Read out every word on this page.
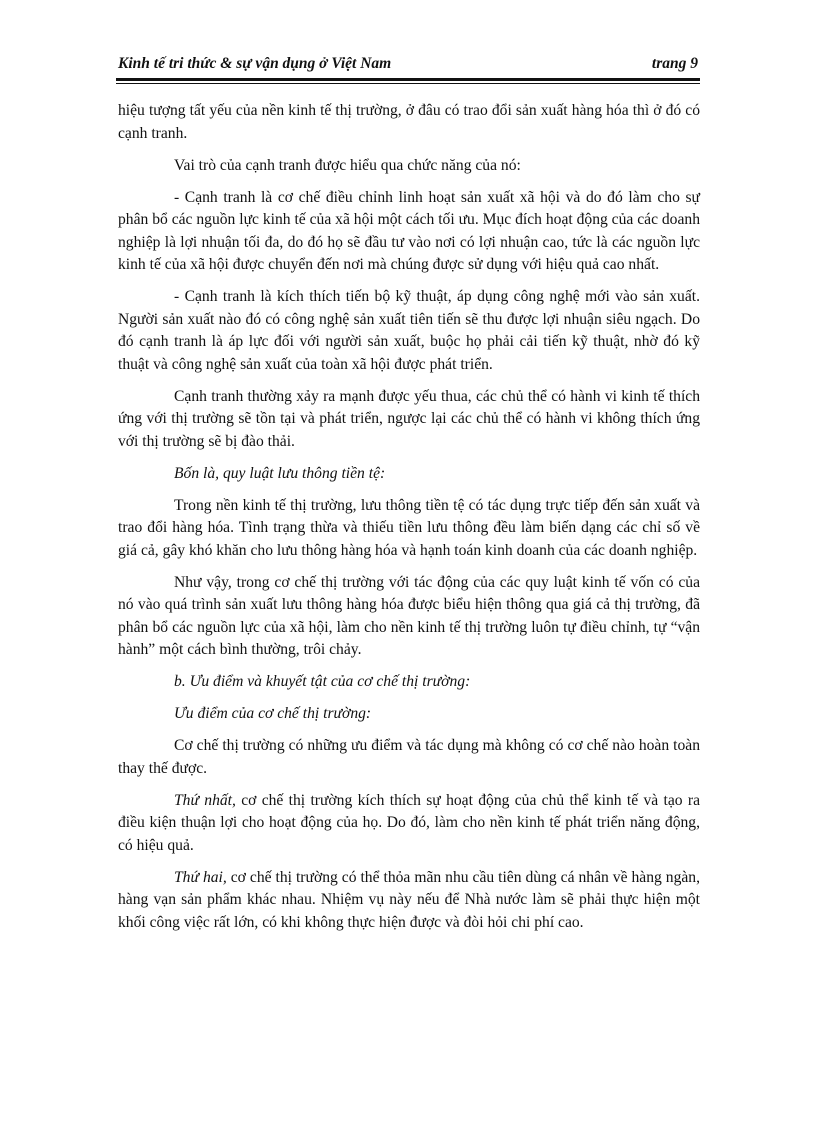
Kinh tế tri thức & sự vận dụng ở Việt Nam	trang 9

hiệu tượng tất yếu của nền kinh tế thị trường, ở đâu có trao đổi sản xuất hàng hóa thì ở đó có cạnh tranh.

Vai trò của cạnh tranh được hiểu qua chức năng của nó:

- Cạnh tranh là cơ chế điều chỉnh linh hoạt sản xuất xã hội và do đó làm cho sự phân bổ các nguồn lực kinh tế của xã hội một cách tối ưu. Mục đích hoạt động của các doanh nghiệp là lợi nhuận tối đa, do đó họ sẽ đầu tư vào nơi có lợi nhuận cao, tức là các nguồn lực kinh tế của xã hội được chuyển đến nơi mà chúng được sử dụng với hiệu quả cao nhất.

- Cạnh tranh là kích thích tiến bộ kỹ thuật, áp dụng công nghệ mới vào sản xuất. Người sản xuất nào đó có công nghệ sản xuất tiên tiến sẽ thu được lợi nhuận siêu ngạch. Do đó cạnh tranh là áp lực đối với người sản xuất, buộc họ phải cải tiến kỹ thuật, nhờ đó kỹ thuật và công nghệ sản xuất của toàn xã hội được phát triển.

Cạnh tranh thường xảy ra mạnh được yếu thua, các chủ thể có hành vi kinh tế thích ứng với thị trường sẽ tồn tại và phát triển, ngược lại các chủ thể có hành vi không thích ứng với thị trường sẽ bị đào thải.

Bốn là, quy luật lưu thông tiền tệ:

Trong nền kinh tế thị trường, lưu thông tiền tệ có tác dụng trực tiếp đến sản xuất và trao đổi hàng hóa. Tình trạng thừa và thiếu tiền lưu thông đều làm biến dạng các chỉ số về giá cả, gây khó khăn cho lưu thông hàng hóa và hạnh toán kinh doanh của các doanh nghiệp.

Như vậy, trong cơ chế thị trường với tác động của các quy luật kinh tế vốn có của nó vào quá trình sản xuất lưu thông hàng hóa được biểu hiện thông qua giá cả thị trường, đã phân bổ các nguồn lực của xã hội, làm cho nền kinh tế thị trường luôn tự điều chỉnh, tự “vận hành” một cách bình thường, trôi chảy.

b. Ưu điểm và khuyết tật của cơ chế thị trường:

Ưu điểm của cơ chế thị trường:

Cơ chế thị trường có những ưu điểm và tác dụng mà không có cơ chế nào hoàn toàn thay thế được.

Thứ nhất, cơ chế thị trường kích thích sự hoạt động của chủ thể kinh tế và tạo ra điều kiện thuận lợi cho hoạt động của họ. Do đó, làm cho nền kinh tế phát triển năng động, có hiệu quả.

Thứ hai, cơ chế thị trường có thể thỏa mãn nhu cầu tiên dùng cá nhân về hàng ngàn, hàng vạn sản phẩm khác nhau. Nhiệm vụ này nếu để Nhà nước làm sẽ phải thực hiện một khối công việc rất lớn, có khi không thực hiện được và đòi hỏi chi phí cao.
